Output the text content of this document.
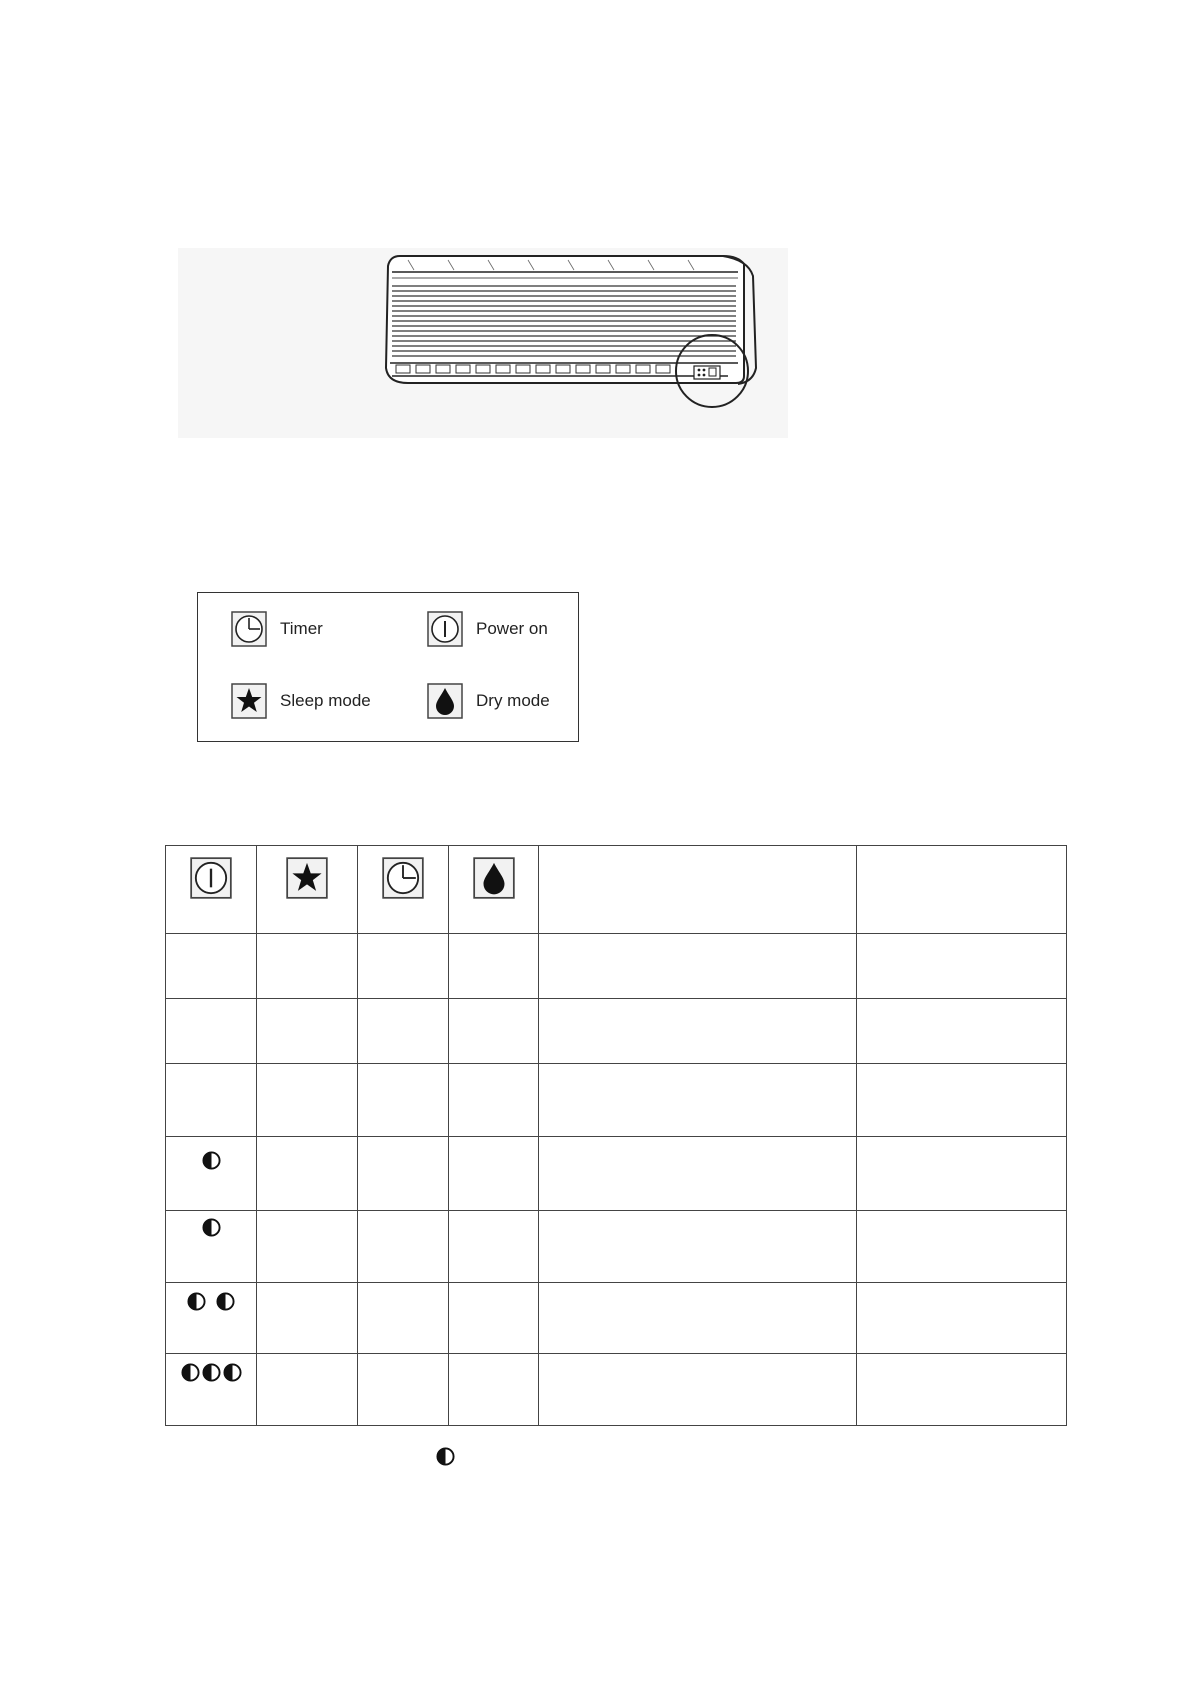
Timer	Power on
Sleep mode	Dry mode
